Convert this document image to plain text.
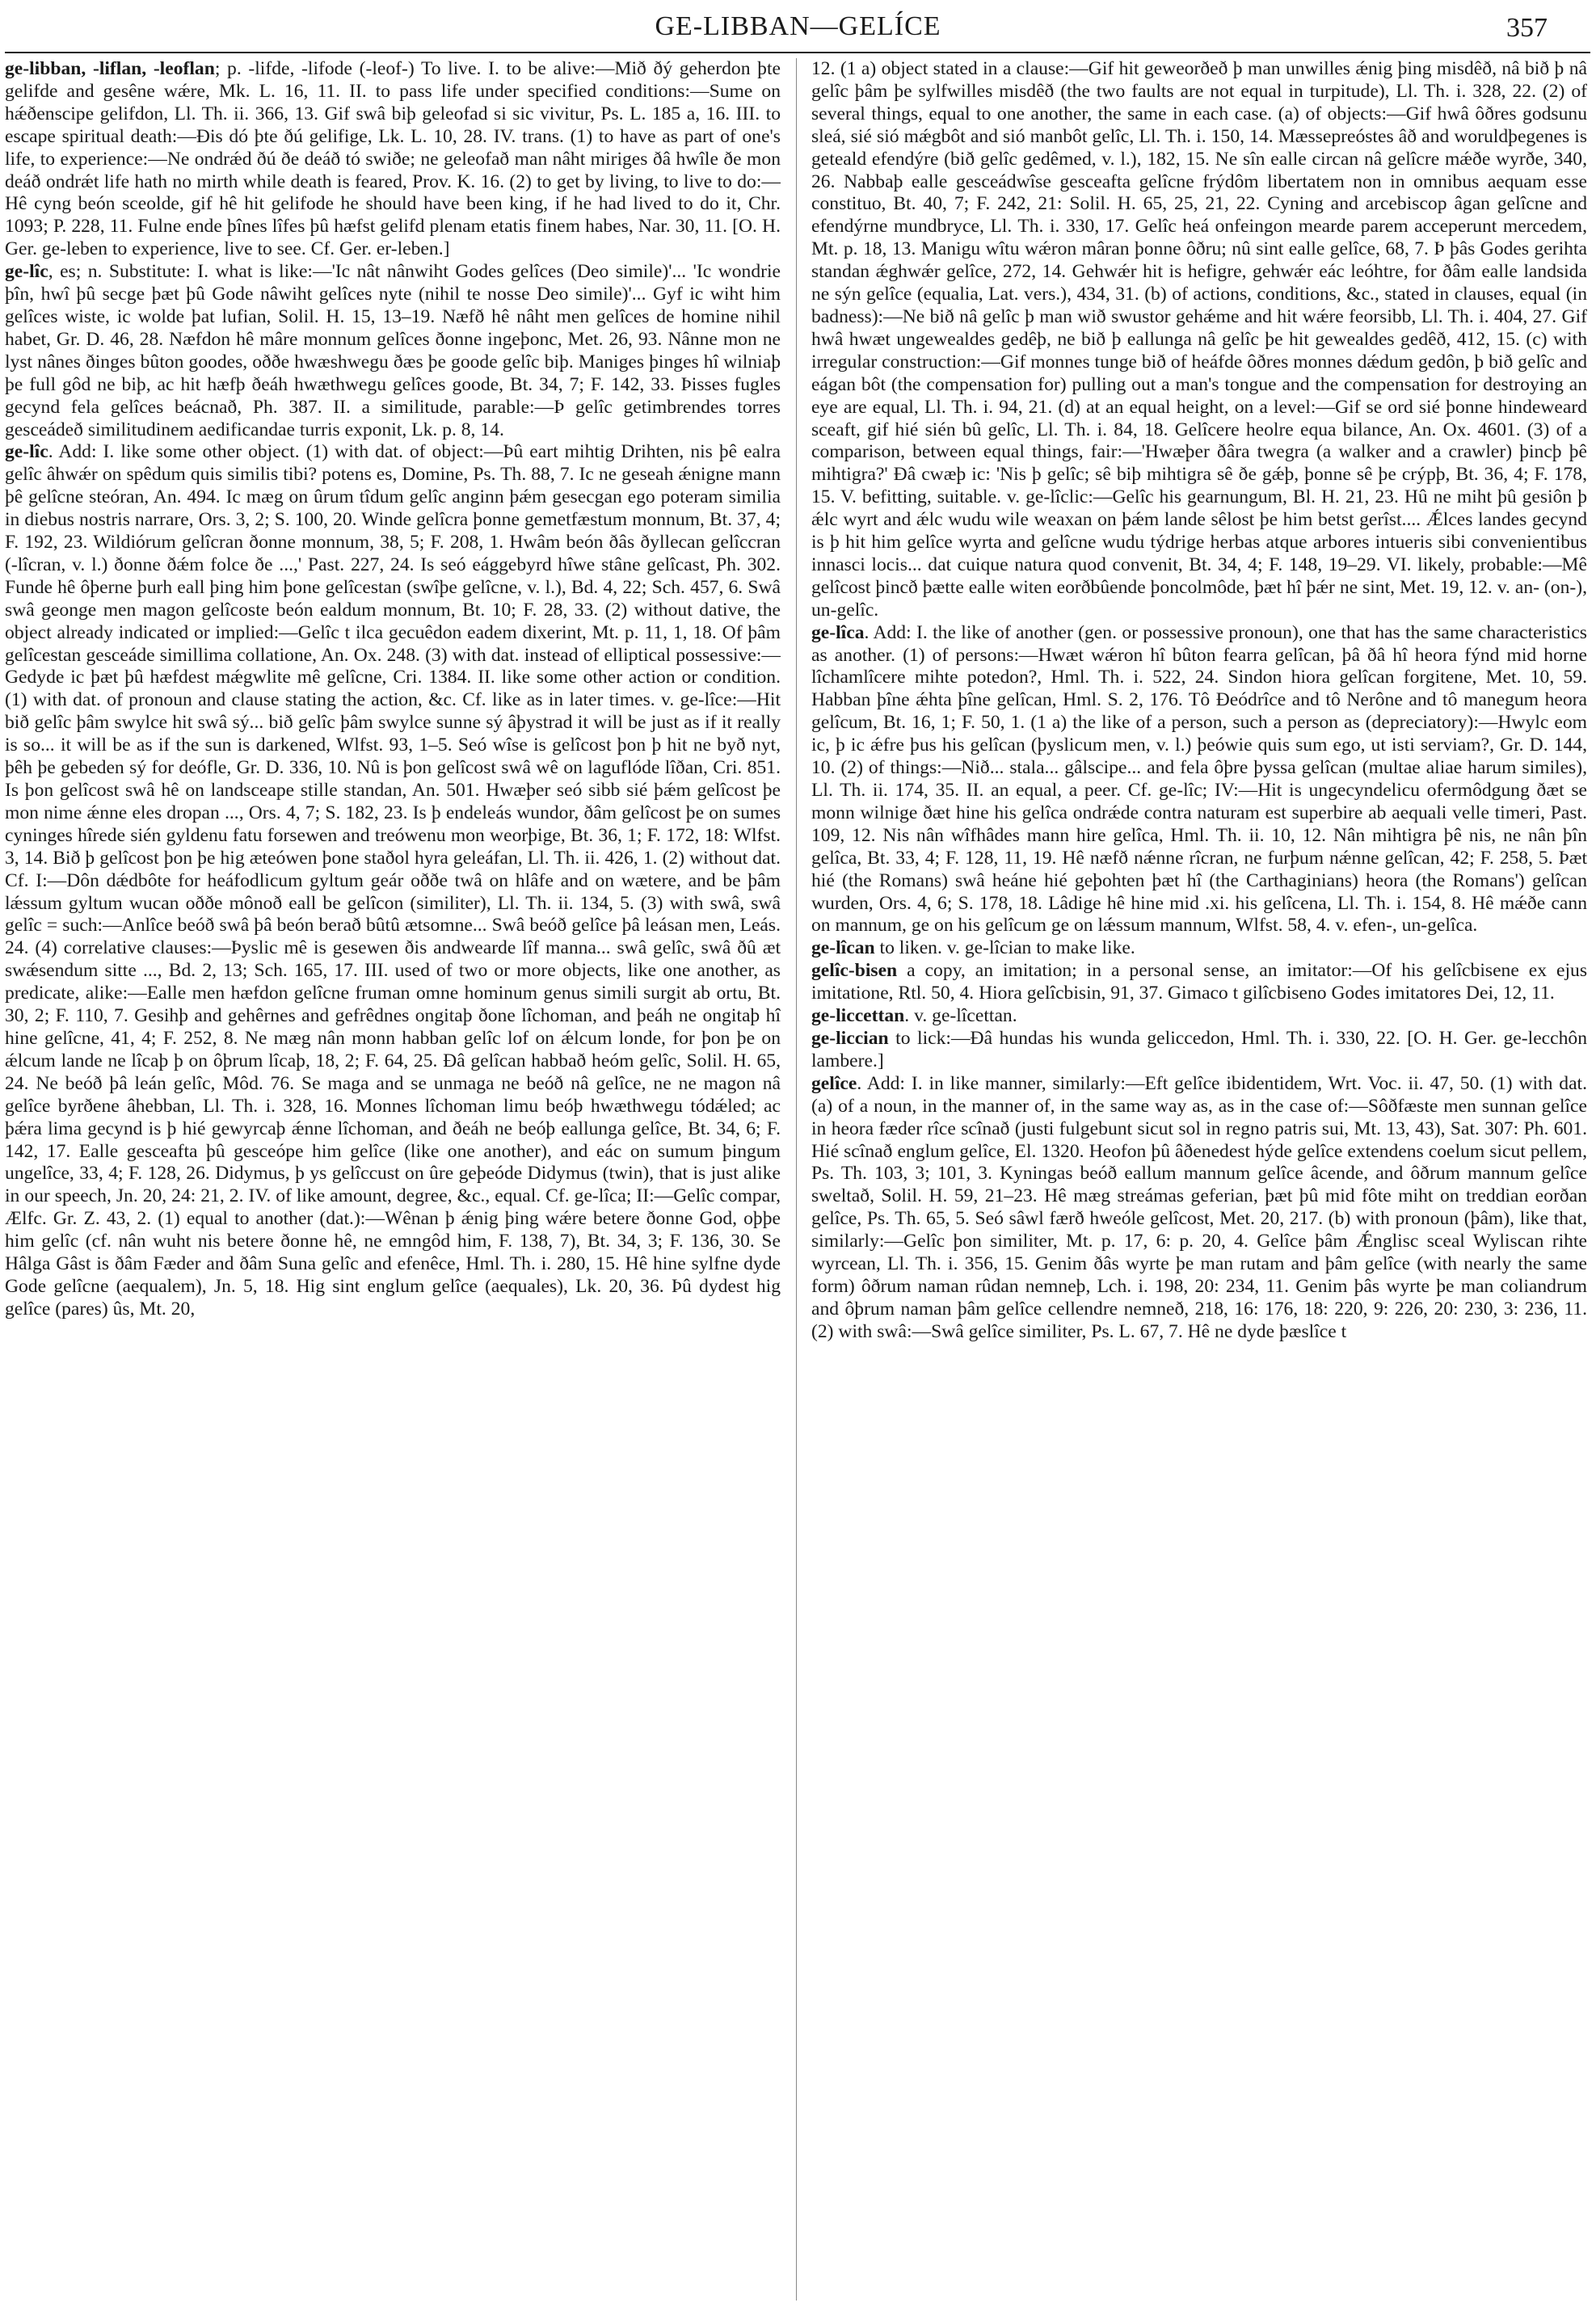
GE-LIBBAN—GELÍCE	357

ge-libban, -liflan, -leoflan; p. -lifde, -lifode (-leof-) To live. I. to be alive:—Mið ðý geherdon þte gelifde and gesêne wǽre, Mk. L. 16, 11. II. to pass life under specified conditions:—Sume on hǽðenscipe gelifdon, Ll. Th. ii. 366, 13. Gif swâ biþ geleofad si sic vivitur, Ps. L. 185 a, 16. III. to escape spiritual death:—Ðis dó þte ðú gelifige, Lk. L. 10, 28. IV. trans. (1) to have as part of one's life, to experience:—Ne ondrǽd ðú ðe deáð tó swiðe; ne geleofað man nâht miriges ðâ hwîle ðe mon deáð ondrǽt life hath no mirth while death is feared, Prov. K. 16. (2) to get by living, to live to do:—Hê cyng beón sceolde, gif hê hit gelifode he should have been king, if he had lived to do it, Chr. 1093; P. 228, 11. Fulne ende þînes lîfes þû hæfst gelifd plenam etatis finem habes, Nar. 30, 11. [O. H. Ger. ge-leben to experience, live to see. Cf. Ger. er-leben.]

ge-lîc, es; n. Substitute: I. what is like:—'Ic nât nânwiht Godes gelîces (Deo simile)'... 'Ic wondrie þîn, hwî þû secge þæt þû Gode nâwiht gelîces nyte (nihil te nosse Deo simile)'... Gyf ic wiht him gelîces wiste, ic wolde þat lufian, Solil. H. 15, 13–19. Næfð hê nâht men gelîces de homine nihil habet, Gr. D. 46, 28. Næfdon hê mâre monnum gelîces ðonne ingeþonc, Met. 26, 93. Nânne mon ne lyst nânes ðinges bûton goodes, oððe hwæshwegu ðæs þe goode gelîc biþ. Maniges þinges hî wilniaþ þe full gôd ne biþ, ac hit hæfþ ðeáh hwæthwegu gelîces goode, Bt. 34, 7; F. 142, 33. Þisses fugles gecynd fela gelîces beácnað, Ph. 387. II. a similitude, parable:—Þ gelîc getimbrendes torres gesceádeð similitudinem aedificandae turris exponit, Lk. p. 8, 14.

ge-lîc. Add: I. like some other object. (1) with dat. of object:—Þû eart mihtig Drihten, nis þê ealra gelîc âhwǽr on spêdum quis similis tibi? potens es, Domine, Ps. Th. 88, 7. Ic ne geseah ǽnigne mann þê gelîcne steóran, An. 494. Ic mæg on ûrum tîdum gelîc anginn þǽm gesecgan ego poteram similia in diebus nostris narrare, Ors. 3, 2; S. 100, 20. Winde gelîcra þonne gemetfæstum monnum, Bt. 37, 4; F. 192, 23. Wildiórum gelîcran ðonne monnum, 38, 5; F. 208, 1. Hwâm beón ðâs ðyllecan gelîccran (-lîcran, v. l.) ðonne ðǽm folce ðe ...,' Past. 227, 24. Is seó eággebyrd hîwe stâne gelîcast, Ph. 302. Funde hê ôþerne þurh eall þing him þone gelîcestan (swîþe gelîcne, v. l.), Bd. 4, 22; Sch. 457, 6. Swâ swâ geonge men magon gelîcoste beón ealdum monnum, Bt. 10; F. 28, 33. (2) without dative, the object already indicated or implied:—Gelîc t ilca gecuêdon eadem dixerint, Mt. p. 11, 1, 18. Of þâm gelîcestan gesceáde simillima collatione, An. Ox. 248. (3) with dat. instead of elliptical possessive:—Gedyde ic þæt þû hæfdest mǽgwlite mê gelîcne, Cri. 1384. II. like some other action or condition. (1) with dat. of pronoun and clause stating the action, &c. Cf. like as in later times. v. ge-lîce:—Hit bið gelîc þâm swylce hit swâ sý... bið gelîc þâm swylce sunne sý âþystrad it will be just as if it really is so... it will be as if the sun is darkened, Wlfst. 93, 1–5. Seó wîse is gelîcost þon þ hit ne byð nyt, þêh þe gebeden sý for deófle, Gr. D. 336, 10. Nû is þon gelîcost swâ wê on laguflóde lîðan, Cri. 851. Is þon gelîcost swâ hê on landsceape stille standan, An. 501. Hwæþer seó sibb sié þǽm gelîcost þe mon nime ǽnne eles dropan ..., Ors. 4, 7; S. 182, 23. Is þ endeleás wundor, ðâm gelîcost þe on sumes cyninges hîrede sién gyldenu fatu forsewen and treówenu mon weorþige, Bt. 36, 1; F. 172, 18: Wlfst. 3, 14. Bið þ gelîcost þon þe hig æteówen þone staðol hyra geleáfan, Ll. Th. ii. 426, 1. (2) without dat. Cf. I:—Dôn dǽdbôte for heáfodlicum gyltum geár oððe twâ on hlâfe and on wætere, and be þâm lǽssum gyltum wucan oððe mônoð eall be gelîcon (similiter), Ll. Th. ii. 134, 5. (3) with swâ, swâ gelîc = such:—Anlîce beóð swâ þâ beón berað bûtû ætsomne... Swâ beóð gelîce þâ leásan men, Leás. 24. (4) correlative clauses:—Þyslic mê is gesewen ðis andwearde lîf manna... swâ gelîc, swâ ðû æt swǽsendum sitte ..., Bd. 2, 13; Sch. 165, 17. III. used of two or more objects, like one another, as predicate, alike:—Ealle men hæfdon gelîcne fruman omne hominum genus simili surgit ab ortu, Bt. 30, 2; F. 110, 7. Gesihþ and gehêrnes and gefrêdnes ongitaþ ðone lîchoman, and þeáh ne ongitaþ hî hine gelîcne, 41, 4; F. 252, 8. Ne mæg nân monn habban gelîc lof on ǽlcum londe, for þon þe on ǽlcum lande ne lîcaþ þ on ôþrum lîcaþ, 18, 2; F. 64, 25. Ðâ gelîcan habbað heóm gelîc, Solil. H. 65, 24. Ne beóð þâ leán gelîc, Môd. 76. Se maga and se unmaga ne beóð nâ gelîce, ne ne magon nâ gelîce byrðene âhebban, Ll. Th. i. 328, 16. Monnes lîchoman limu beóþ hwæthwegu tódǽled; ac þǽra lima gecynd is þ hié gewyrcaþ ǽnne lîchoman, and ðeáh ne beóþ eallunga gelîce, Bt. 34, 6; F. 142, 17. Ealle gesceafta þû gesceópe him gelîce (like one another), and eác on sumum þingum ungelîce, 33, 4; F. 128, 26. Didymus, þ ys gelîccust on ûre geþeóde Didymus (twin), that is just alike in our speech, Jn. 20, 24: 21, 2. IV. of like amount, degree, &c., equal. Cf. ge-lîca; II:—Gelîc compar, Ælfc. Gr. Z. 43, 2. (1) equal to another (dat.):—Wênan þ ǽnig þing wǽre betere ðonne God, oþþe him gelîc (cf. nân wuht nis betere ðonne hê, ne emngôd him, F. 138, 7), Bt. 34, 3; F. 136, 30. Se Hâlga Gâst is ðâm Fæder and ðâm Suna gelîc and efenêce, Hml. Th. i. 280, 15. Hê hine sylfne dyde Gode gelîcne (aequalem), Jn. 5, 18. Hig sint englum gelîce (aequales), Lk. 20, 36. Þû dydest hig gelîce (pares) ûs, Mt. 20,

12. (1 a) object stated in a clause:—Gif hit geweorðeð þ man unwilles ǽnig þing misdêð, nâ bið þ nâ gelîc þâm þe sylfwilles misdêð (the two faults are not equal in turpitude), Ll. Th. i. 328, 22. (2) of several things, equal to one another, the same in each case. (a) of objects:—Gif hwâ ôðres godsunu sleá, sié sió mǽgbôt and sió manbôt gelîc, Ll. Th. i. 150, 14. Mæssepreóstes âð and woruldþegenes is geteald efendýre (bið gelîc gedêmed, v. l.), 182, 15. Ne sîn ealle circan nâ gelîcre mǽðe wyrðe, 340, 26. Nabbaþ ealle gesceádwîse gesceafta gelîcne frýdôm libertatem non in omnibus aequam esse constituo, Bt. 40, 7; F. 242, 21: Solil. H. 65, 25, 21, 22. Cyning and arcebiscop âgan gelîcne and efendýrne mundbryce, Ll. Th. i. 330, 17. Gelîc heá onfeingon mearde parem acceperunt mercedem, Mt. p. 18, 13. Manigu wîtu wǽron mâran þonne ôðru; nû sint ealle gelîce, 68, 7. Þ þâs Godes gerihta standan ǽghwǽr gelîce, 272, 14. Gehwǽr hit is hefigre, gehwǽr eác leóhtre, for ðâm ealle landsida ne sýn gelîce (equalia, Lat. vers.), 434, 31. (b) of actions, conditions, &c., stated in clauses, equal (in badness):—Ne bið nâ gelîc þ man wið swustor gehǽme and hit wǽre feorsibb, Ll. Th. i. 404, 27. Gif hwâ hwæt ungewealdes gedêþ, ne bið þ eallunga nâ gelîc þe hit gewealdes gedêð, 412, 15. (c) with irregular construction:—Gif monnes tunge bið of heáfde ôðres monnes dǽdum gedôn, þ bið gelîc and eágan bôt (the compensation for) pulling out a man's tongue and the compensation for destroying an eye are equal, Ll. Th. i. 94, 21. (d) at an equal height, on a level:—Gif se ord sié þonne hindeweard sceaft, gif hié sién bû gelîc, Ll. Th. i. 84, 18. Gelîcere heolre equa bilance, An. Ox. 4601. (3) of a comparison, between equal things, fair:—'Hwæþer ðâra twegra (a walker and a crawler) þincþ þê mihtigra?' Ðâ cwæþ ic: 'Nis þ gelîc; sê biþ mihtigra sê ðe gǽþ, þonne sê þe crýpþ, Bt. 36, 4; F. 178, 15. V. befitting, suitable. v. ge-lîclic:—Gelîc his gearnungum, Bl. H. 21, 23. Hû ne miht þû gesiôn þ ǽlc wyrt and ǽlc wudu wile weaxan on þǽm lande sêlost þe him betst gerîst.... Ǽlces landes gecynd is þ hit him gelîce wyrta and gelîcne wudu týdrige herbas atque arbores intueris sibi convenientibus innasci locis... dat cuique natura quod convenit, Bt. 34, 4; F. 148, 19–29. VI. likely, probable:—Mê gelîcost þincð þætte ealle witen eorðbûende þoncolmôde, þæt hî þǽr ne sint, Met. 19, 12. v. an- (on-), un-gelîc.

ge-lîca. Add: I. the like of another (gen. or possessive pronoun), one that has the same characteristics as another. (1) of persons:—Hwæt wǽron hî bûton fearra gelîcan, þâ ðâ hî heora fýnd mid horne lîchamlîcere mihte potedon?, Hml. Th. i. 522, 24. Sindon hiora gelîcan forgitene, Met. 10, 59. Habban þîne ǽhta þîne gelîcan, Hml. S. 2, 176. Tô Ðeódrîce and tô Nerône and tô manegum heora gelîcum, Bt. 16, 1; F. 50, 1. (1 a) the like of a person, such a person as (depreciatory):—Hwylc eom ic, þ ic ǽfre þus his gelîcan (þyslicum men, v. l.) þeówie quis sum ego, ut isti serviam?, Gr. D. 144, 10. (2) of things:—Nið... stala... gâlscipe... and fela ôþre þyssa gelîcan (multae aliae harum similes), Ll. Th. ii. 174, 35. II. an equal, a peer. Cf. ge-lîc; IV:—Hit is ungecyndelicu ofermôdgung ðæt se monn wilnige ðæt hine his gelîca ondrǽde contra naturam est superbire ab aequali velle timeri, Past. 109, 12. Nis nân wîfhâdes mann hire gelîca, Hml. Th. ii. 10, 12. Nân mihtigra þê nis, ne nân þîn gelîca, Bt. 33, 4; F. 128, 11, 19. Hê næfð nǽnne rîcran, ne furþum nǽnne gelîcan, 42; F. 258, 5. Þæt hié (the Romans) swâ heáne hié geþohten þæt hî (the Carthaginians) heora (the Romans') gelîcan wurden, Ors. 4, 6; S. 178, 18. Lâdige hê hine mid .xi. his gelîcena, Ll. Th. i. 154, 8. Hê mǽðe cann on mannum, ge on his gelîcum ge on lǽssum mannum, Wlfst. 58, 4. v. efen-, un-gelîca.

ge-lîcan to liken. v. ge-lîcian to make like.

gelîc-bisen a copy, an imitation; in a personal sense, an imitator:—Of his gelîcbisene ex ejus imitatione, Rtl. 50, 4. Hiora gelîcbisin, 91, 37. Gimaco t gilîcbiseno Godes imitatores Dei, 12, 11.

ge-liccettan. v. ge-lîcettan.

ge-liccian to lick:—Ðâ hundas his wunda geliccedon, Hml. Th. i. 330, 22. [O. H. Ger. ge-lecchôn lambere.]

gelîce. Add: I. in like manner, similarly:—Eft gelîce ibidentidem, Wrt. Voc. ii. 47, 50. (1) with dat. (a) of a noun, in the manner of, in the same way as, as in the case of:—Sôðfæste men sunnan gelîce in heora fæder rîce scînað (justi fulgebunt sicut sol in regno patris sui, Mt. 13, 43), Sat. 307: Ph. 601. Hié scînað englum gelîce, El. 1320. Heofon þû âðenedest hýde gelîce extendens coelum sicut pellem, Ps. Th. 103, 3; 101, 3. Kyningas beóð eallum mannum gelîce âcende, and ôðrum mannum gelîce sweltað, Solil. H. 59, 21–23. Hê mæg streámas geferian, þæt þû mid fôte miht on treddian eorðan gelîce, Ps. Th. 65, 5. Seó sâwl færð hweóle gelîcost, Met. 20, 217. (b) with pronoun (þâm), like that, similarly:—Gelîc þon similiter, Mt. p. 17, 6: p. 20, 4. Gelîce þâm Ǽnglisc sceal Wyliscan rihte wyrcean, Ll. Th. i. 356, 15. Genim ðâs wyrte þe man rutam and þâm gelîce (with nearly the same form) ôðrum naman rûdan nemneþ, Lch. i. 198, 20: 234, 11. Genim þâs wyrte þe man coliandrum and ôþrum naman þâm gelîce cellendre nemneð, 218, 16: 176, 18: 220, 9: 226, 20: 230, 3: 236, 11. (2) with swâ:—Swâ gelîce similiter, Ps. L. 67, 7. Hê ne dyde þæslîce t
